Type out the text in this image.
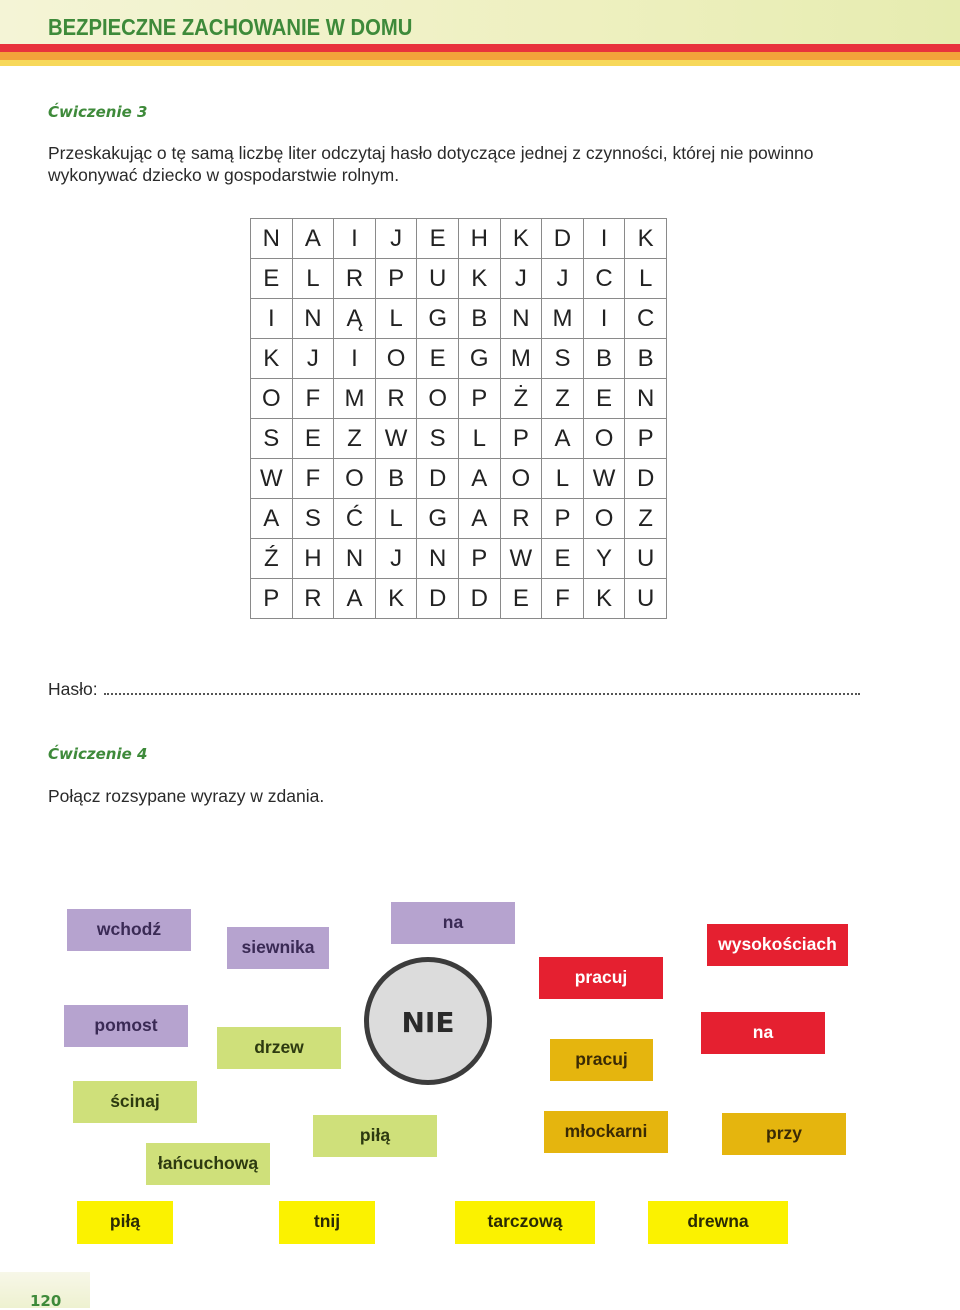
BEZPIECZNE ZACHOWANIE W DOMU
Ćwiczenie 3
Przeskakując o tę samą liczbę liter odczytaj hasło dotyczące jednej z czynności, której nie powinno
wykonywać dziecko w gospodarstwie rolnym.
N	A	I	J	E	H	K	D	I	K
E	L	R	P	U	K	J	J	C	L
I	N	Ą	L	G	B	N	M	I	C
K	J	I	O	E	G	M	S	B	B
O	F	M	R	O	P	Ż	Z	E	N
S	E	Z	W	S	L	P	A	O	P
W	F	O	B	D	A	O	L	W	D
A	S	Ć	L	G	A	R	P	O	Z
Ź	H	N	J	N	P	W	E	Y	U
P	R	A	K	D	D	E	F	K	U
Hasło:
Ćwiczenie 4
Połącz rozsypane wyrazy w zdania.
wchodź
siewnika
na
pracuj
wysokościach
pomost
drzew
NIE
pracuj
na
ścinaj
piłą	młockarni	przy
łańcuchową
piłą	tnij	tarczową	drewna
120
